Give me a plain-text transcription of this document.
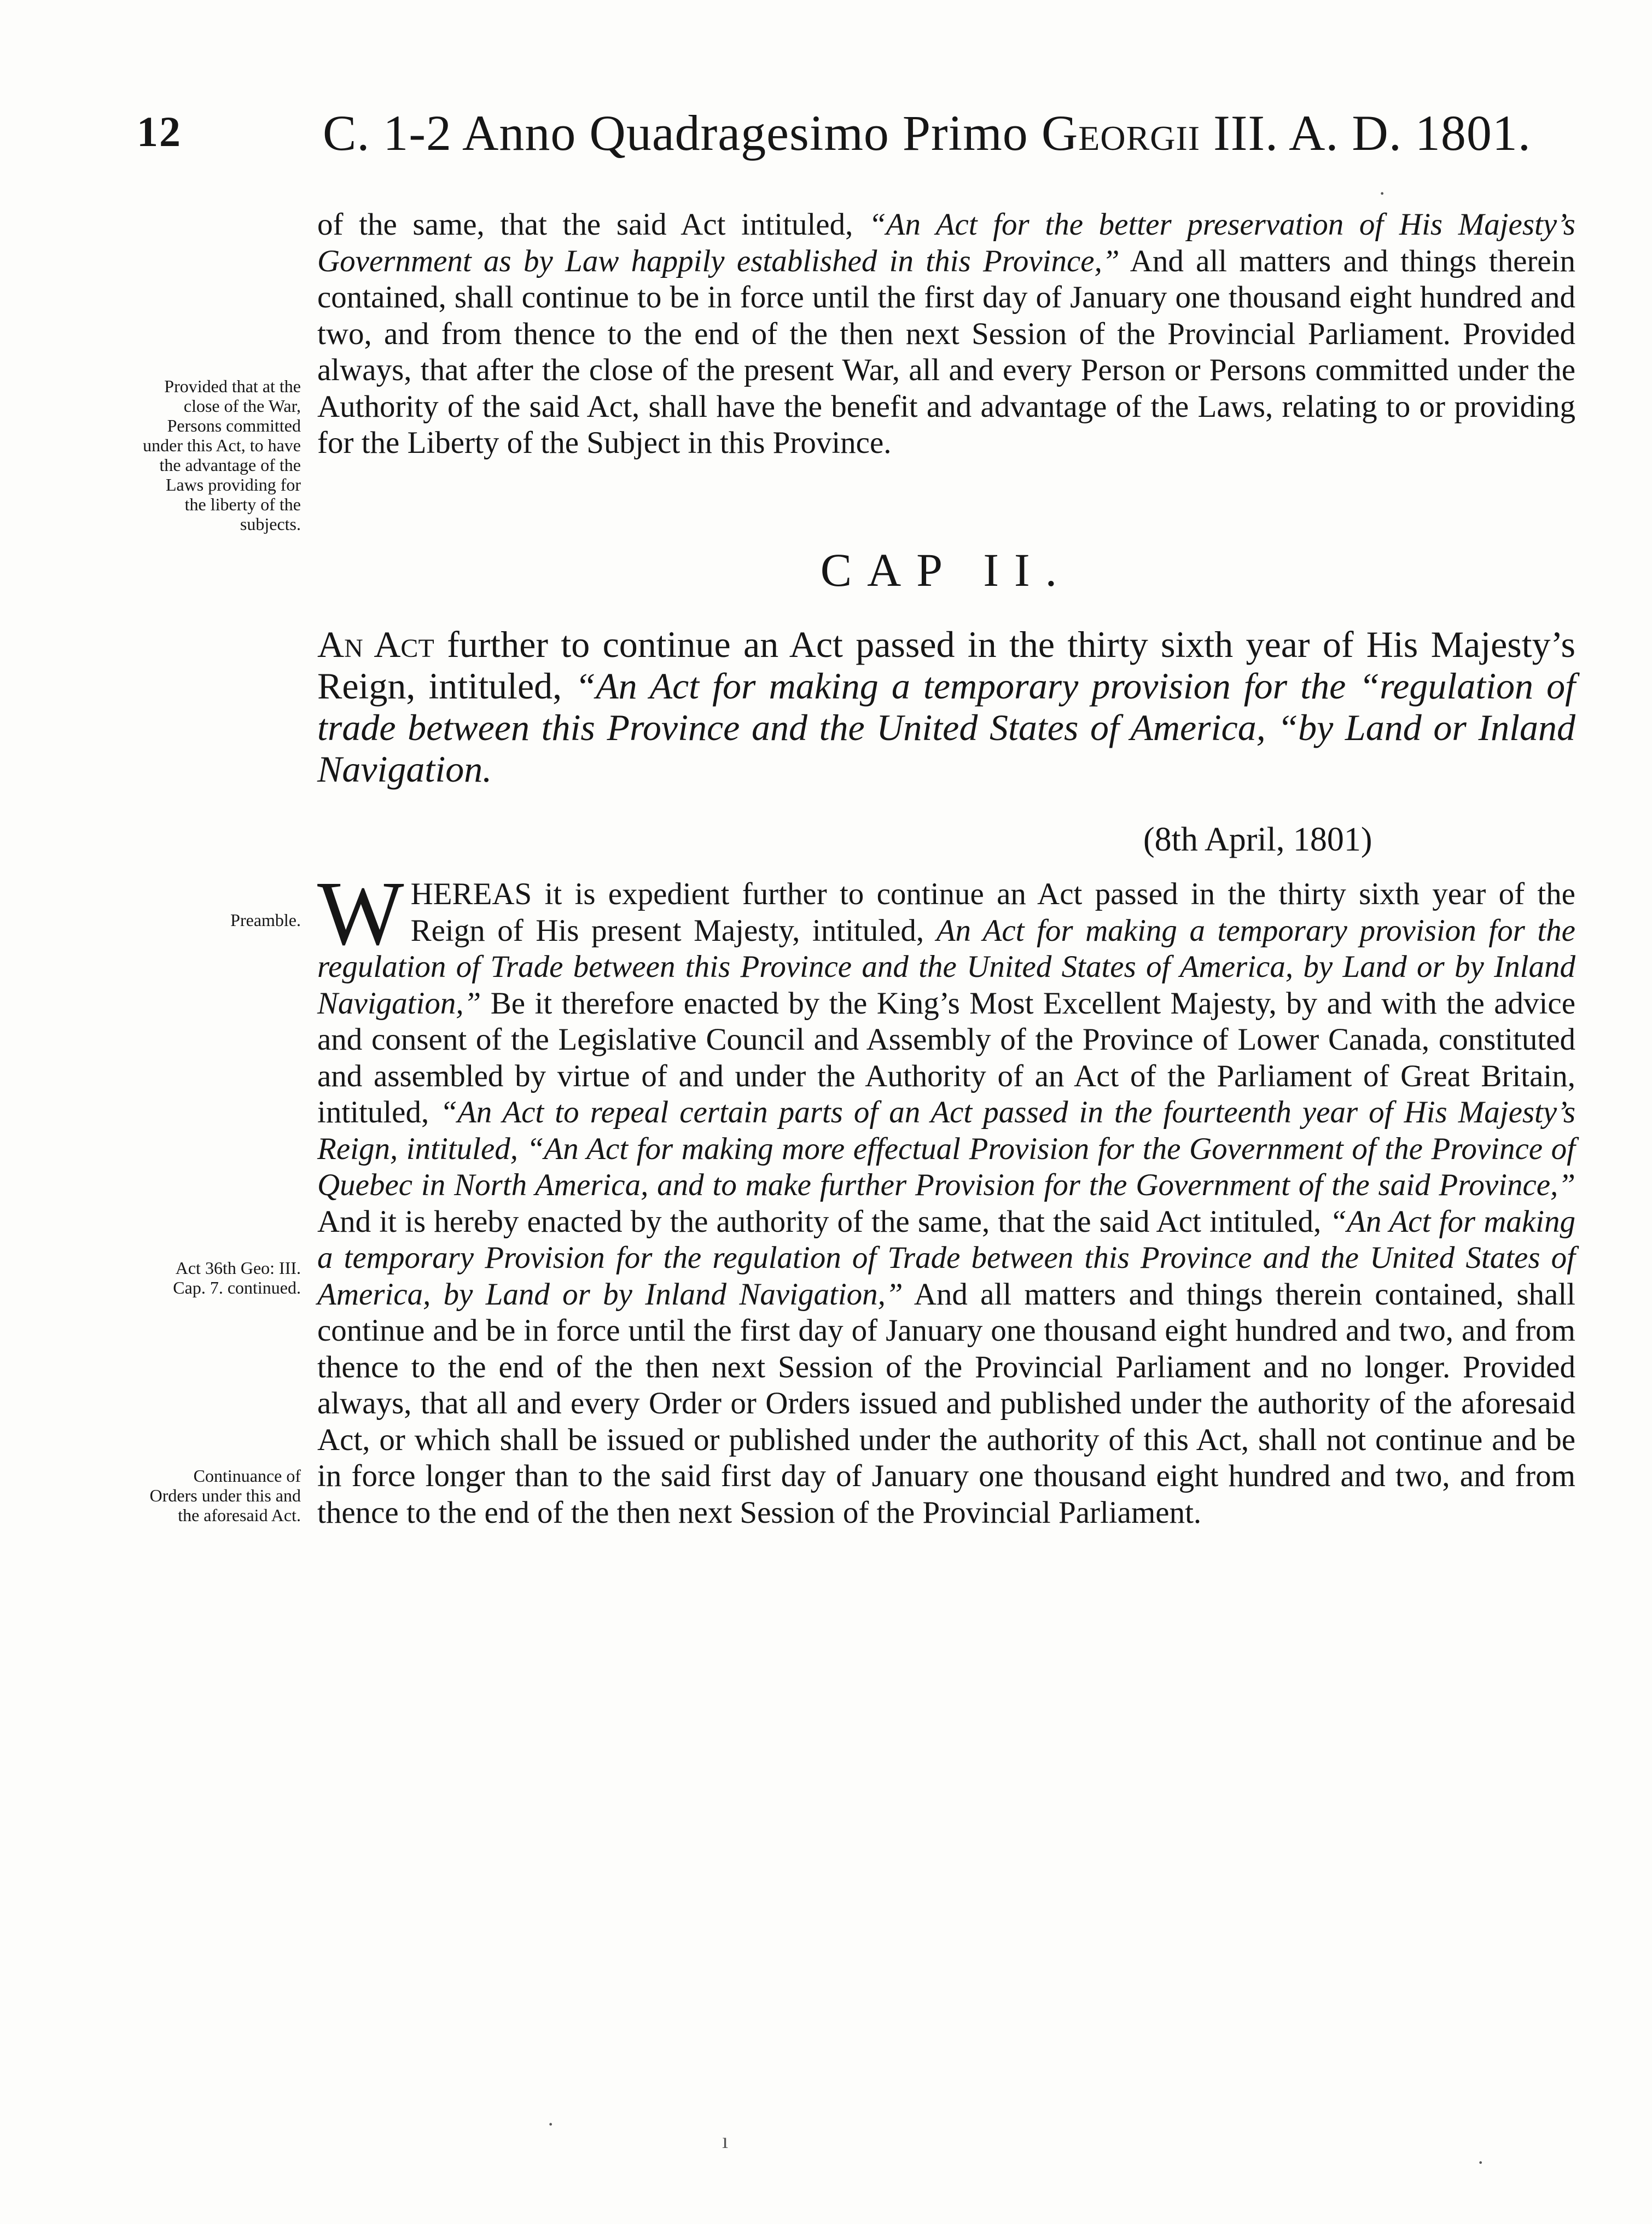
12	C. 1-2 Anno Quadragesimo Primo Georgii III. A. D. 1801.

of the same, that the said Act intituled, “An Act for the better preservation of His Majesty’s Government as by Law happily established in this Province,” And all matters and things therein contained, shall continue to be in force until the first day of January one thousand eight hundred and two, and from thence to the end of the then next Session of the Provincial Parliament. Provided always, that after the close of the present War, all and every Person or Persons committed under the Authority of the said Act, shall have the benefit and advantage of the Laws, relating to or providing for the Liberty of the Subject in this Province.

Provided that at the close of the War, Persons committed under this Act, to have the advantage of the Laws providing for the liberty of the subjects.
CAP II.
An Act further to continue an Act passed in the thirty sixth year of His Majesty’s Reign, intituled, “An Act for making a temporary provision for the “regulation of trade between this Province and the United States of America, “by Land or Inland Navigation.
(8th April, 1801)
Preamble. WHEREAS it is expedient further to continue an Act passed in the thirty sixth year of the Reign of His present Majesty, intituled, An Act for making a temporary provision for the regulation of Trade between this Province and the United States of America, by Land or by Inland Navigation,” Be it therefore enacted by the King’s Most Excellent Majesty, by and with the advice and consent of the Legislative Council and Assembly of the Province of Lower Canada, constituted and assembled by virtue of and under the Authority of an Act of the Parliament of Great Britain, intituled, “An Act to repeal certain parts of an Act passed in the fourteenth year of His Majesty’s Reign, intituled, “An Act for making more effectual Provision for the Government of the Province of Quebec in North America, and to make further Provision for the Government of the said Province,” And it is hereby enacted by the authority of the same, that the said Act intituled, “An Act for making a temporary Provision for the regulation of Trade between this Province and the United States of America, by Land or by Inland Navigation,” And all matters and things therein contained, shall continue and be in force until the first day of January one thousand eight hundred and two, and from thence to the end of the then next Session of the Provincial Parliament and no longer. Provided always, that all and every Order or Orders issued and published under the authority of the aforesaid Act, or which shall be issued or published under the authority of this Act, shall not continue and be in force longer than to the said first day of January one thousand eight hundred and two, and from thence to the end of the then next Session of the Provincial Parliament.

Act 36th Geo: III. Cap. 7. continued.
Continuance of Orders under this and the aforesaid Act.
·
·
ı
·
